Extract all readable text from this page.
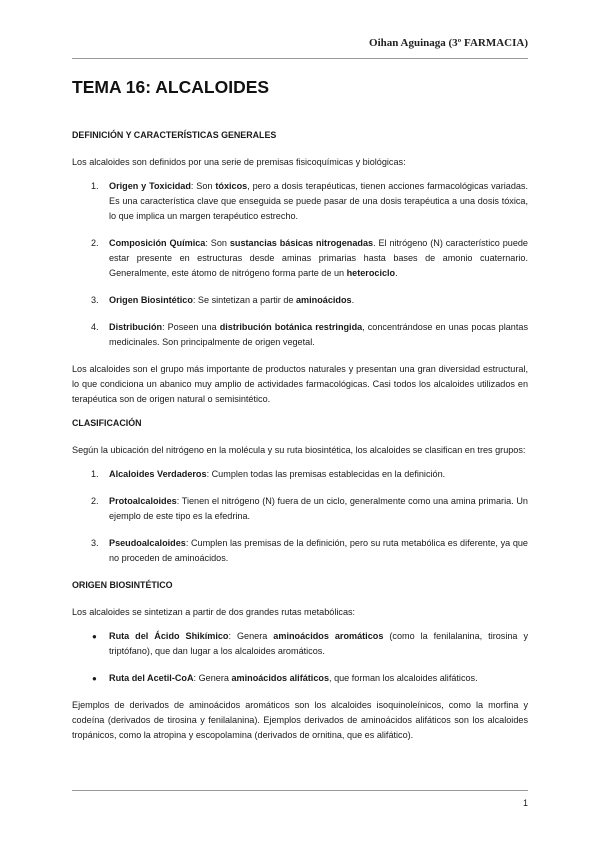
Oihan Aguinaga (3º FARMACIA)
TEMA 16: ALCALOIDES
DEFINICIÓN Y CARACTERÍSTICAS GENERALES

Los alcaloides son definidos por una serie de premisas fisicoquímicas y biológicas:

1. Origen y Toxicidad: Son tóxicos, pero a dosis terapéuticas, tienen acciones farmacológicas variadas. Es una característica clave que enseguida se puede pasar de una dosis terapéutica a una dosis tóxica, lo que implica un margen terapéutico estrecho.
2. Composición Química: Son sustancias básicas nitrogenadas. El nitrógeno (N) característico puede estar presente en estructuras desde aminas primarias hasta bases de amonio cuaternario. Generalmente, este átomo de nitrógeno forma parte de un heterociclo.
3. Origen Biosintético: Se sintetizan a partir de aminoácidos.
4. Distribución: Poseen una distribución botánica restringida, concentrándose en unas pocas plantas medicinales. Son principalmente de origen vegetal.

Los alcaloides son el grupo más importante de productos naturales y presentan una gran diversidad estructural, lo que condiciona un abanico muy amplio de actividades farmacológicas. Casi todos los alcaloides utilizados en terapéutica son de origen natural o semisintético.

CLASIFICACIÓN

Según la ubicación del nitrógeno en la molécula y su ruta biosintética, los alcaloides se clasifican en tres grupos:

1. Alcaloides Verdaderos: Cumplen todas las premisas establecidas en la definición.
2. Protoalcaloides: Tienen el nitrógeno (N) fuera de un ciclo, generalmente como una amina primaria. Un ejemplo de este tipo es la efedrina.
3. Pseudoalcaloides: Cumplen las premisas de la definición, pero su ruta metabólica es diferente, ya que no proceden de aminoácidos.
ORIGEN BIOSINTÉTICO

Los alcaloides se sintetizan a partir de dos grandes rutas metabólicas:

● Ruta del Ácido Shikímico: Genera aminoácidos aromáticos (como la fenilalanina, tirosina y triptófano), que dan lugar a los alcaloides aromáticos.
● Ruta del Acetil-CoA: Genera aminoácidos alifáticos, que forman los alcaloides alifáticos.

Ejemplos de derivados de aminoácidos aromáticos son los alcaloides isoquinoleínicos, como la morfina y codeína (derivados de tirosina y fenilalanina). Ejemplos derivados de aminoácidos alifáticos son los alcaloides tropánicos, como la atropina y escopolamina (derivados de ornitina, que es alifático).

1
